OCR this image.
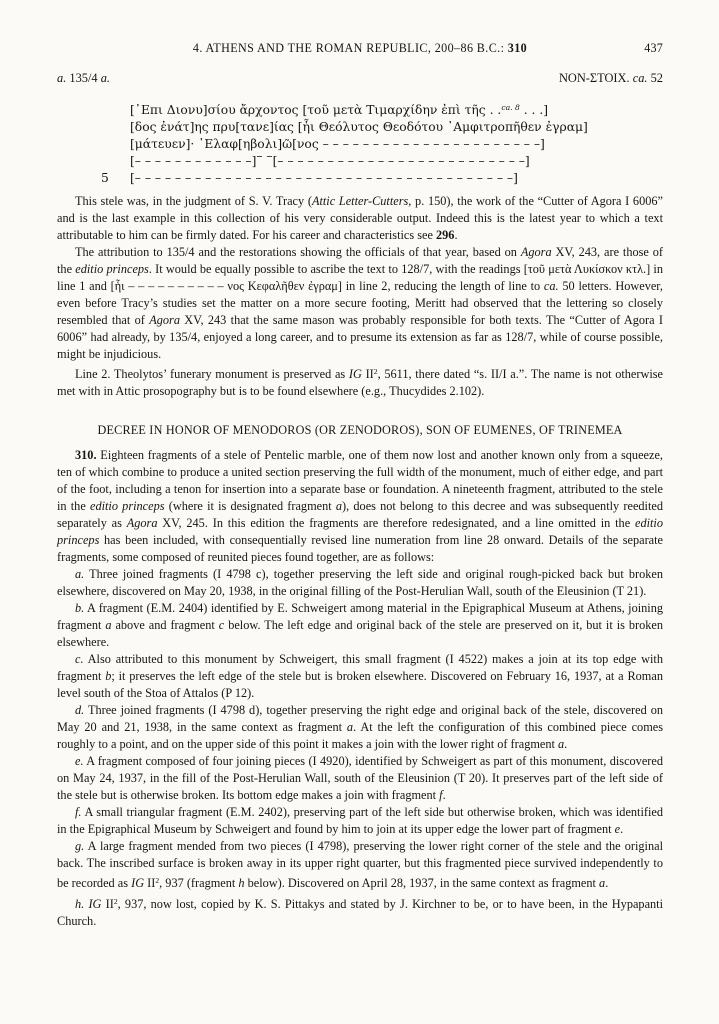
4. ATHENS AND THE ROMAN REPUBLIC, 200–86 B.C.: 310	437
a. 135/4 a.	NON-ΣΤΟΙΧ. ca. 52
[᾿Επι Διονυ]σίου ἄρχοντος [τοῦ μετὰ Τιμαρχίδην ἐπὶ τῆς . .$^{ca. 8}$ . . .]
[δος ἐνάτ]ης πρυ[τανε]ίας [ἧι Θεόλυτος Θεοδότου ᾿Αμφιτροπῆθεν ἐγραμ]
[μάτευεν]· ᾿Ελαφ[ηβολι]ῶ[νος – – – – – – – – – – – – – – – – – – – – – –]
[– – – – – – – – – – – –]– –[– – – – – – – – – – – – – – – – – – – – – – – – –]
5	[– – – – – – – – – – – – – – – – – – – – – – – – – – – – – – – – – – – – – –]

This stele was, in the judgment of S. V. Tracy (Attic Letter-Cutters, p. 150), the work of the “Cutter of Agora I 6006” and is the last example in this collection of his very considerable output. Indeed this is the latest year to which a text attributable to him can be firmly dated. For his career and characteristics see 296.

The attribution to 135/4 and the restorations showing the officials of that year, based on Agora XV, 243, are those of the editio princeps. It would be equally possible to ascribe the text to 128/7, with the readings [τοῦ μετὰ Λυκίσκον κτλ.] in line 1 and [ἧι – – – – – – – – – – νος Κεφαλῆθεν ἐγραμ] in line 2, reducing the length of line to ca. 50 letters. However, even before Tracy’s studies set the matter on a more secure footing, Meritt had observed that the lettering so closely resembled that of Agora XV, 243 that the same mason was probably responsible for both texts. The “Cutter of Agora I 6006” had already, by 135/4, enjoyed a long career, and to presume its extension as far as 128/7, while of course possible, might be injudicious.

Line 2. Theolytos’ funerary monument is preserved as IG $II^2$, 5611, there dated “s. II/I a.”. The name is not otherwise met with in Attic prosopography but is to be found elsewhere (e.g., Thucydides 2.102).

DECREE IN HONOR OF MENODOROS (OR ZENODOROS), SON OF EUMENES, OF TRINEMEA

310. Eighteen fragments of a stele of Pentelic marble, one of them now lost and another known only from a squeeze, ten of which combine to produce a united section preserving the full width of the monument, much of either edge, and part of the foot, including a tenon for insertion into a separate base or foundation. A nineteenth fragment, attributed to the stele in the editio princeps (where it is designated fragment a), does not belong to this decree and was subsequently reedited separately as Agora XV, 245. In this edition the fragments are therefore redesignated, and a line omitted in the editio princeps has been included, with consequentially revised line numeration from line 28 onward. Details of the separate fragments, some composed of reunited pieces found together, are as follows:

a. Three joined fragments (I 4798 c), together preserving the left side and original rough-picked back but broken elsewhere, discovered on May 20, 1938, in the original filling of the Post-Herulian Wall, south of the Eleusinion (T 21).

b. A fragment (E.M. 2404) identified by E. Schweigert among material in the Epigraphical Museum at Athens, joining fragment a above and fragment c below. The left edge and original back of the stele are preserved on it, but it is broken elsewhere.

c. Also attributed to this monument by Schweigert, this small fragment (I 4522) makes a join at its top edge with fragment b; it preserves the left edge of the stele but is broken elsewhere. Discovered on February 16, 1937, at a Roman level south of the Stoa of Attalos (P 12).

d. Three joined fragments (I 4798 d), together preserving the right edge and original back of the stele, discovered on May 20 and 21, 1938, in the same context as fragment a. At the left the configuration of this combined piece comes roughly to a point, and on the upper side of this point it makes a join with the lower right of fragment a.

e. A fragment composed of four joining pieces (I 4920), identified by Schweigert as part of this monument, discovered on May 24, 1937, in the fill of the Post-Herulian Wall, south of the Eleusinion (T 20). It preserves part of the left side of the stele but is otherwise broken. Its bottom edge makes a join with fragment f.

f. A small triangular fragment (E.M. 2402), preserving part of the left side but otherwise broken, which was identified in the Epigraphical Museum by Schweigert and found by him to join at its upper edge the lower part of fragment e.

g. A large fragment mended from two pieces (I 4798), preserving the lower right corner of the stele and the original back. The inscribed surface is broken away in its upper right quarter, but this fragmented piece survived independently to be recorded as IG $II^2$, 937 (fragment h below). Discovered on April 28, 1937, in the same context as fragment a.

h. IG $II^2$, 937, now lost, copied by K. S. Pittakys and stated by J. Kirchner to be, or to have been, in the Hypapanti Church.
